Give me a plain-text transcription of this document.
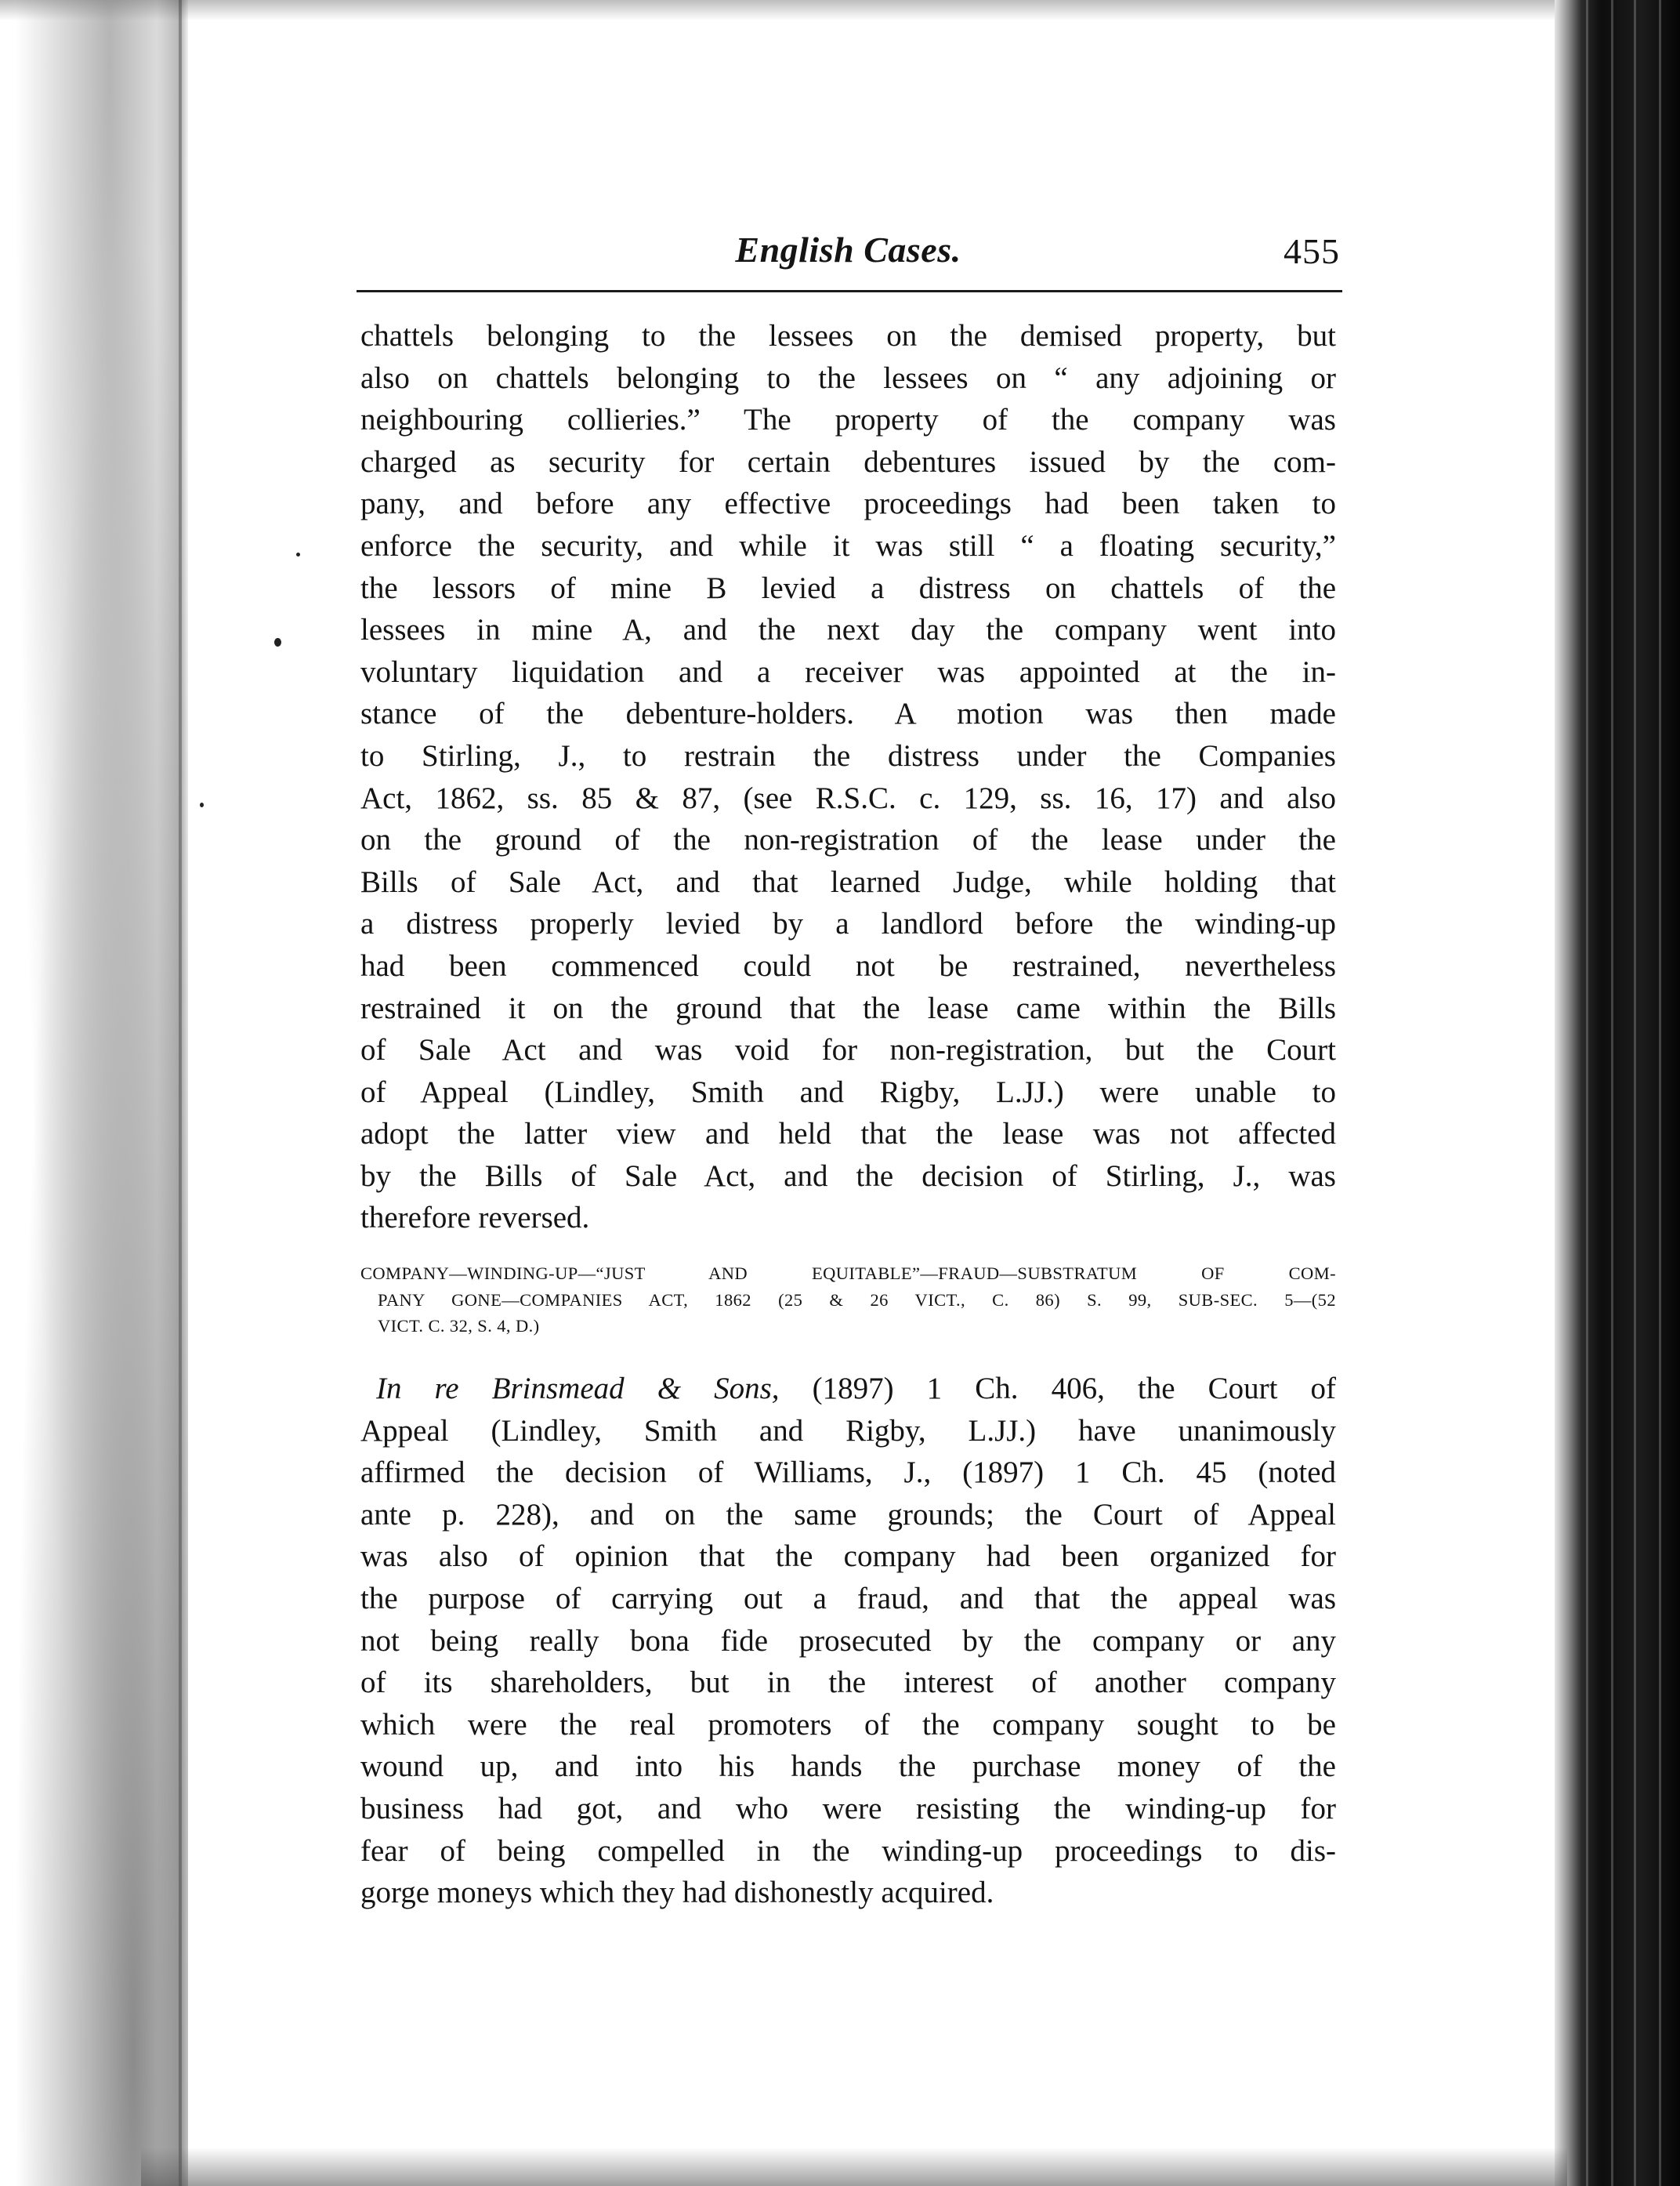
English Cases.	455
chattels belonging to the lessees on the demised property, but
also on chattels belonging to the lessees on “ any adjoining or
neighbouring collieries.” The property of the company was
charged as security for certain debentures issued by the com-
pany, and before any effective proceedings had been taken to
enforce the security, and while it was still “ a floating security,”
the lessors of mine B levied a distress on chattels of the
lessees in mine A, and the next day the company went into
voluntary liquidation and a receiver was appointed at the in-
stance of the debenture-holders. A motion was then made
to Stirling, J., to restrain the distress under the Companies
Act, 1862, ss. 85 & 87, (see R.S.C. c. 129, ss. 16, 17) and also
on the ground of the non-registration of the lease under the
Bills of Sale Act, and that learned Judge, while holding that
a distress properly levied by a landlord before the winding-up
had been commenced could not be restrained, nevertheless
restrained it on the ground that the lease came within the Bills
of Sale Act and was void for non-registration, but the Court
of Appeal (Lindley, Smith and Rigby, L.JJ.) were unable to
adopt the latter view and held that the lease was not affected
by the Bills of Sale Act, and the decision of Stirling, J., was
therefore reversed.
COMPANY—WINDING-UP—“JUST AND EQUITABLE”—FRAUD—SUBSTRATUM OF COM-
PANY GONE—COMPANIES ACT, 1862 (25 & 26 VICT., C. 86) S. 99, SUB-SEC. 5—(52
VICT. C. 32, S. 4, D.)
In re Brinsmead & Sons, (1897) 1 Ch. 406, the Court of
Appeal (Lindley, Smith and Rigby, L.JJ.) have unanimously
affirmed the decision of Williams, J., (1897) 1 Ch. 45 (noted
ante p. 228), and on the same grounds; the Court of Appeal
was also of opinion that the company had been organized for
the purpose of carrying out a fraud, and that the appeal was
not being really bona fide prosecuted by the company or any
of its shareholders, but in the interest of another company
which were the real promoters of the company sought to be
wound up, and into his hands the purchase money of the
business had got, and who were resisting the winding-up for
fear of being compelled in the winding-up proceedings to dis-
gorge moneys which they had dishonestly acquired.
